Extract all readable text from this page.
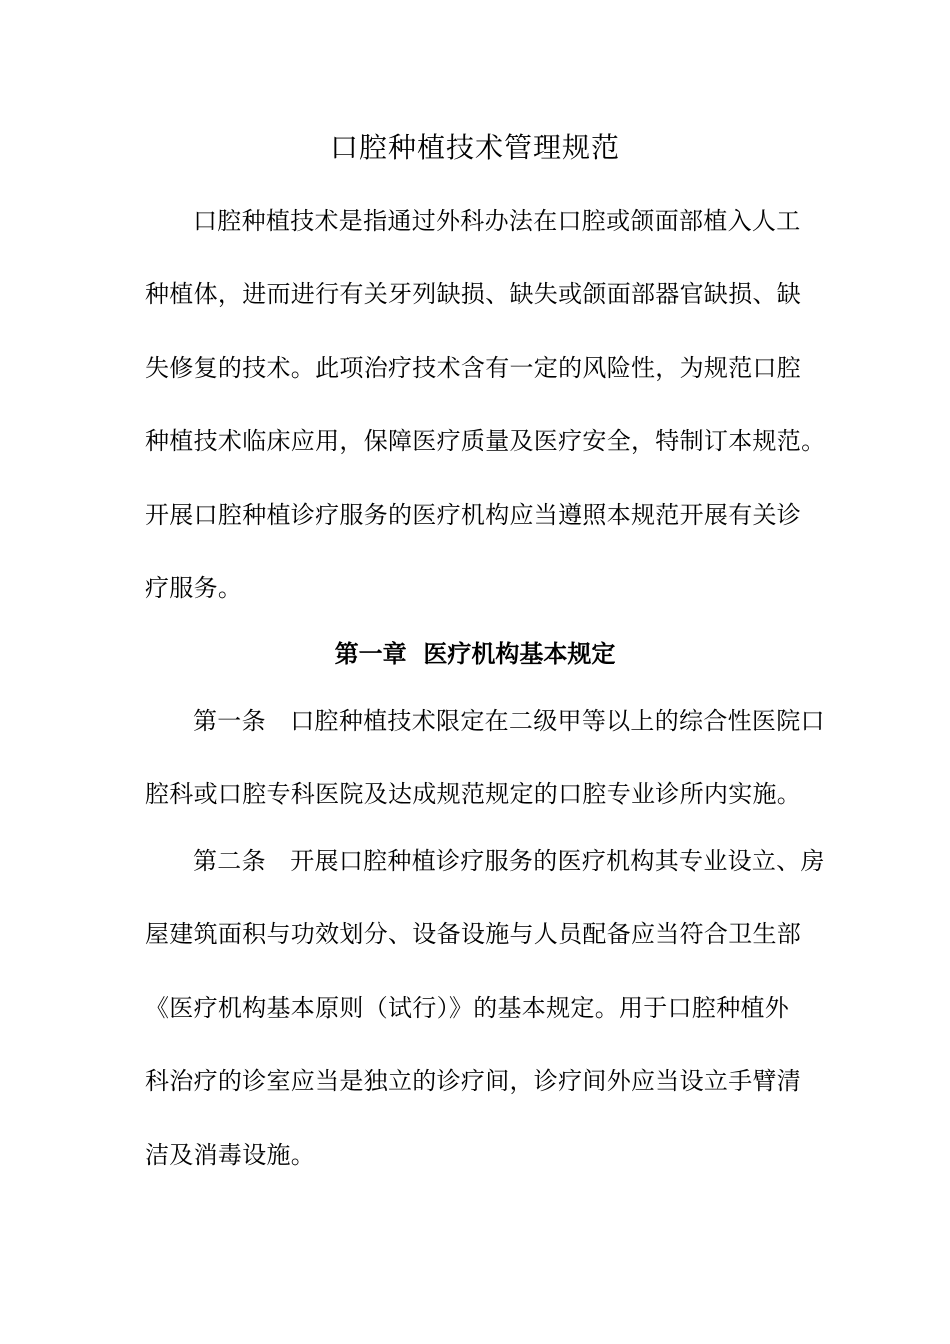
口腔种植技术管理规范
口腔种植技术是指通过外科办法在口腔或颌面部植入人工
种植体，进而进行有关牙列缺损、缺失或颌面部器官缺损、缺
失修复的技术。此项治疗技术含有一定的风险性，为规范口腔
种植技术临床应用，保障医疗质量及医疗安全，特制订本规范。
开展口腔种植诊疗服务的医疗机构应当遵照本规范开展有关诊
疗服务。
第一章  医疗机构基本规定
第一条  口腔种植技术限定在二级甲等以上的综合性医院口
腔科或口腔专科医院及达成规范规定的口腔专业诊所内实施。
第二条  开展口腔种植诊疗服务的医疗机构其专业设立、房
屋建筑面积与功效划分、设备设施与人员配备应当符合卫生部
《医疗机构基本原则（试行）》的基本规定。用于口腔种植外
科治疗的诊室应当是独立的诊疗间，诊疗间外应当设立手臂清
洁及消毒设施。
